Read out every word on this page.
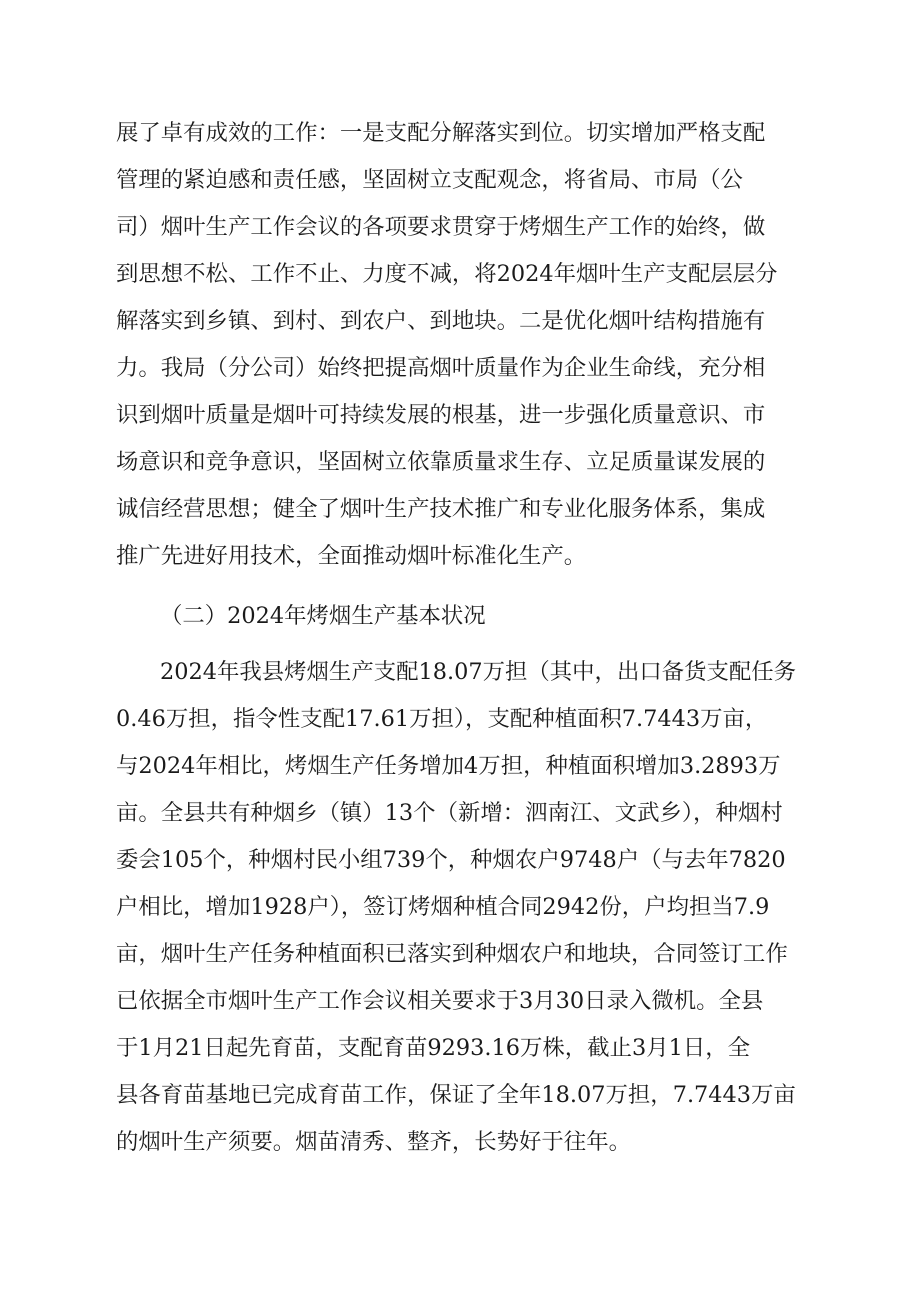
展了卓有成效的工作：一是支配分解落实到位。切实增加严格支配
管理的紧迫感和责任感，坚固树立支配观念，将省局、市局（公
司）烟叶生产工作会议的各项要求贯穿于烤烟生产工作的始终，做
到思想不松、工作不止、力度不减，将2024年烟叶生产支配层层分
解落实到乡镇、到村、到农户、到地块。二是优化烟叶结构措施有
力。我局（分公司）始终把提高烟叶质量作为企业生命线，充分相
识到烟叶质量是烟叶可持续发展的根基，进一步强化质量意识、市
场意识和竞争意识，坚固树立依靠质量求生存、立足质量谋发展的
诚信经营思想；健全了烟叶生产技术推广和专业化服务体系，集成
推广先进好用技术，全面推动烟叶标准化生产。
（二）2024年烤烟生产基本状况
2024年我县烤烟生产支配18.07万担（其中，出口备货支配任务
0.46万担，指令性支配17.61万担），支配种植面积7.7443万亩，
与2024年相比，烤烟生产任务增加4万担，种植面积增加3.2893万
亩。全县共有种烟乡（镇）13个（新增：泗南江、文武乡），种烟村
委会105个，种烟村民小组739个，种烟农户9748户（与去年7820
户相比，增加1928户），签订烤烟种植合同2942份，户均担当7.9
亩，烟叶生产任务种植面积已落实到种烟农户和地块，合同签订工作
已依据全市烟叶生产工作会议相关要求于3月30日录入微机。全县
于1月21日起先育苗，支配育苗9293.16万株，截止3月1日，全
县各育苗基地已完成育苗工作，保证了全年18.07万担，7.7443万亩
的烟叶生产须要。烟苗清秀、整齐，长势好于往年。
